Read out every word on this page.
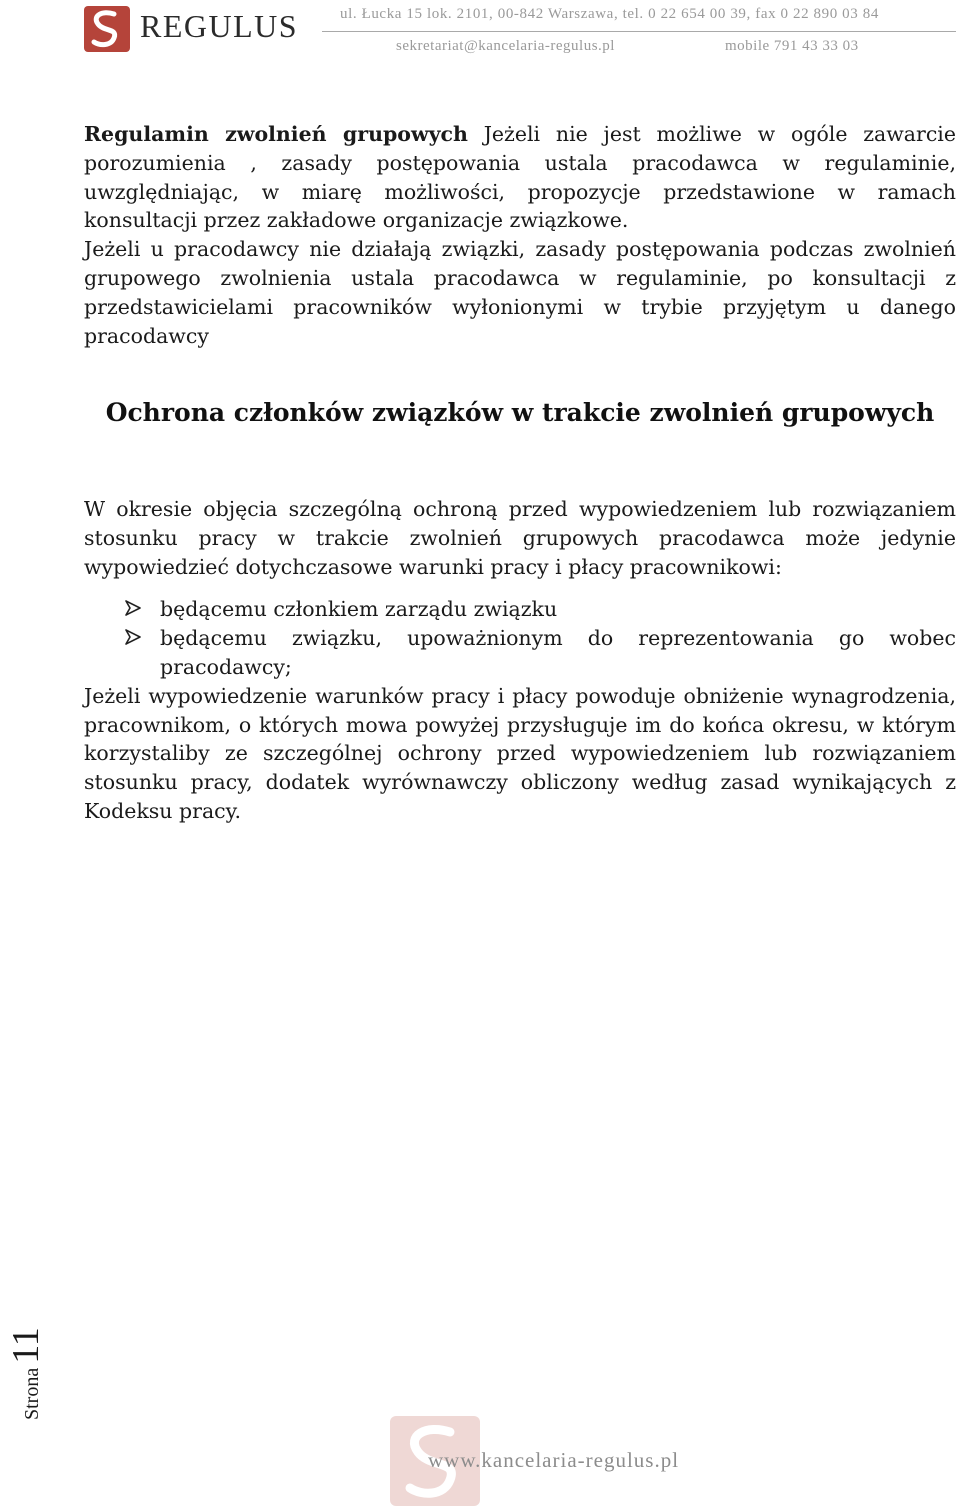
REGULUS	ul. Łucka 15 lok. 2101, 00-842 Warszawa, tel. 0 22 654 00 39, fax 0 22 890 03 84
sekretariat@kancelaria-regulus.pl	mobile 791 43 33 03

Regulamin zwolnień grupowych Jeżeli nie jest możliwe w ogóle zawarcie porozumienia , zasady postępowania ustala pracodawca w regulaminie, uwzględniając, w miarę możliwości, propozycje przedstawione w ramach konsultacji przez zakładowe organizacje związkowe.

Jeżeli u pracodawcy nie działają związki, zasady postępowania podczas zwolnień grupowego zwolnienia ustala pracodawca w regulaminie, po konsultacji z przedstawicielami pracowników wyłonionymi w trybie przyjętym u danego pracodawcy

Ochrona członków związków w trakcie zwolnień grupowych

W okresie objęcia szczególną ochroną przed wypowiedzeniem lub rozwiązaniem stosunku pracy w trakcie zwolnień grupowych pracodawca może jedynie wypowiedzieć dotychczasowe warunki pracy i płacy pracownikowi:

będącemu członkiem zarządu związku
będącemu związku, upoważnionym do reprezentowania go wobec pracodawcy;

Jeżeli wypowiedzenie warunków pracy i płacy powoduje obniżenie wynagrodzenia, pracownikom, o których mowa powyżej przysługuje im do końca okresu, w którym korzystaliby ze szczególnej ochrony przed wypowiedzeniem lub rozwiązaniem stosunku pracy, dodatek wyrównawczy obliczony według zasad wynikających z Kodeksu pracy.

Strona 11
www.kancelaria-regulus.pl
